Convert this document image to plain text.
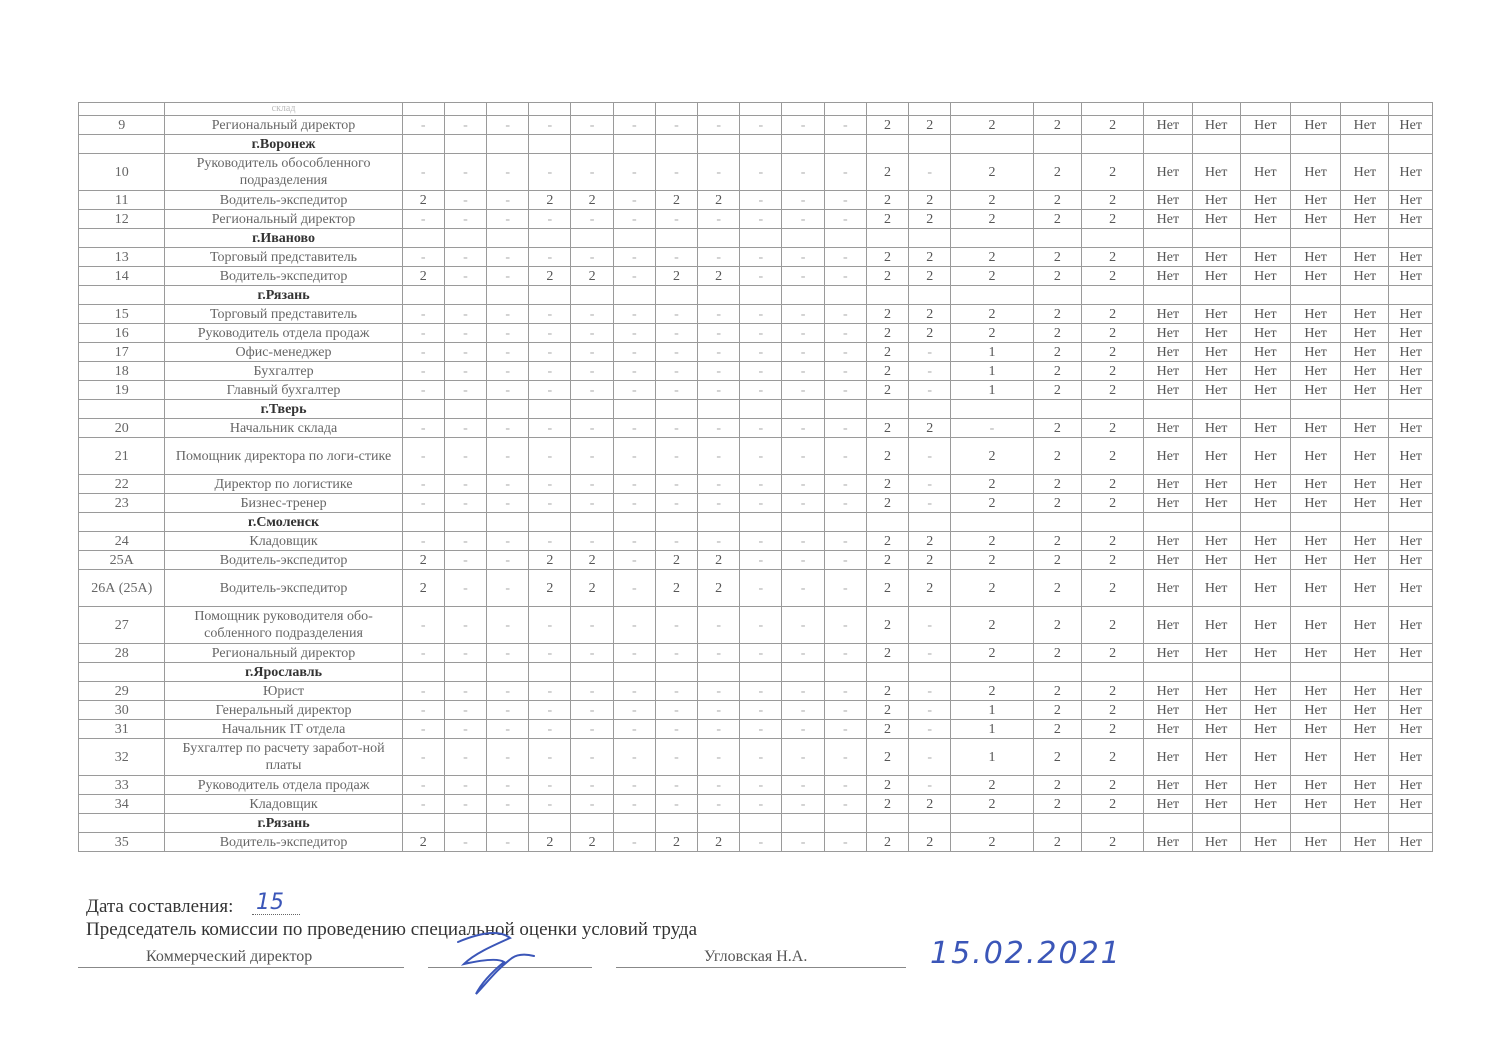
	склад																						
9	Региональный директор	-	-	-	-	-	-	-	-	-	-	-	2	2	2	2	2	Нет	Нет	Нет	Нет	Нет	Нет
	г.Воронеж																						
10	Руководитель обособленного подразделения	-	-	-	-	-	-	-	-	-	-	-	2	-	2	2	2	Нет	Нет	Нет	Нет	Нет	Нет
11	Водитель-экспедитор	2	-	-	2	2	-	2	2	-	-	-	2	2	2	2	2	Нет	Нет	Нет	Нет	Нет	Нет
12	Региональный директор	-	-	-	-	-	-	-	-	-	-	-	2	2	2	2	2	Нет	Нет	Нет	Нет	Нет	Нет
	г.Иваново																						
13	Торговый представитель	-	-	-	-	-	-	-	-	-	-	-	2	2	2	2	2	Нет	Нет	Нет	Нет	Нет	Нет
14	Водитель-экспедитор	2	-	-	2	2	-	2	2	-	-	-	2	2	2	2	2	Нет	Нет	Нет	Нет	Нет	Нет
	г.Рязань																						
15	Торговый представитель	-	-	-	-	-	-	-	-	-	-	-	2	2	2	2	2	Нет	Нет	Нет	Нет	Нет	Нет
16	Руководитель отдела продаж	-	-	-	-	-	-	-	-	-	-	-	2	2	2	2	2	Нет	Нет	Нет	Нет	Нет	Нет
17	Офис-менеджер	-	-	-	-	-	-	-	-	-	-	-	2	-	1	2	2	Нет	Нет	Нет	Нет	Нет	Нет
18	Бухгалтер	-	-	-	-	-	-	-	-	-	-	-	2	-	1	2	2	Нет	Нет	Нет	Нет	Нет	Нет
19	Главный бухгалтер	-	-	-	-	-	-	-	-	-	-	-	2	-	1	2	2	Нет	Нет	Нет	Нет	Нет	Нет
	г.Тверь																						
20	Начальник склада	-	-	-	-	-	-	-	-	-	-	-	2	2	-	2	2	Нет	Нет	Нет	Нет	Нет	Нет
21	Помощник директора по логи-стике	-	-	-	-	-	-	-	-	-	-	-	2	-	2	2	2	Нет	Нет	Нет	Нет	Нет	Нет
22	Директор по логистике	-	-	-	-	-	-	-	-	-	-	-	2	-	2	2	2	Нет	Нет	Нет	Нет	Нет	Нет
23	Бизнес-тренер	-	-	-	-	-	-	-	-	-	-	-	2	-	2	2	2	Нет	Нет	Нет	Нет	Нет	Нет
	г.Смоленск																						
24	Кладовщик	-	-	-	-	-	-	-	-	-	-	-	2	2	2	2	2	Нет	Нет	Нет	Нет	Нет	Нет
25А	Водитель-экспедитор	2	-	-	2	2	-	2	2	-	-	-	2	2	2	2	2	Нет	Нет	Нет	Нет	Нет	Нет
26А (25А)	Водитель-экспедитор	2	-	-	2	2	-	2	2	-	-	-	2	2	2	2	2	Нет	Нет	Нет	Нет	Нет	Нет
27	Помощник руководителя обо-собленного подразделения	-	-	-	-	-	-	-	-	-	-	-	2	-	2	2	2	Нет	Нет	Нет	Нет	Нет	Нет
28	Региональный директор	-	-	-	-	-	-	-	-	-	-	-	2	-	2	2	2	Нет	Нет	Нет	Нет	Нет	Нет
	г.Ярославль																						
29	Юрист	-	-	-	-	-	-	-	-	-	-	-	2	-	2	2	2	Нет	Нет	Нет	Нет	Нет	Нет
30	Генеральный директор	-	-	-	-	-	-	-	-	-	-	-	2	-	1	2	2	Нет	Нет	Нет	Нет	Нет	Нет
31	Начальник IT отдела	-	-	-	-	-	-	-	-	-	-	-	2	-	1	2	2	Нет	Нет	Нет	Нет	Нет	Нет
32	Бухгалтер по расчету заработ-ной платы	-	-	-	-	-	-	-	-	-	-	-	2	-	1	2	2	Нет	Нет	Нет	Нет	Нет	Нет
33	Руководитель отдела продаж	-	-	-	-	-	-	-	-	-	-	-	2	-	2	2	2	Нет	Нет	Нет	Нет	Нет	Нет
34	Кладовщик	-	-	-	-	-	-	-	-	-	-	-	2	2	2	2	2	Нет	Нет	Нет	Нет	Нет	Нет
	г.Рязань																						
35	Водитель-экспедитор	2	-	-	2	2	-	2	2	-	-	-	2	2	2	2	2	Нет	Нет	Нет	Нет	Нет	Нет
Дата составления: 15
Председатель комиссии по проведению специальной оценки условий труда
Коммерческий директор	Угловская Н.А.	15.02.2021
